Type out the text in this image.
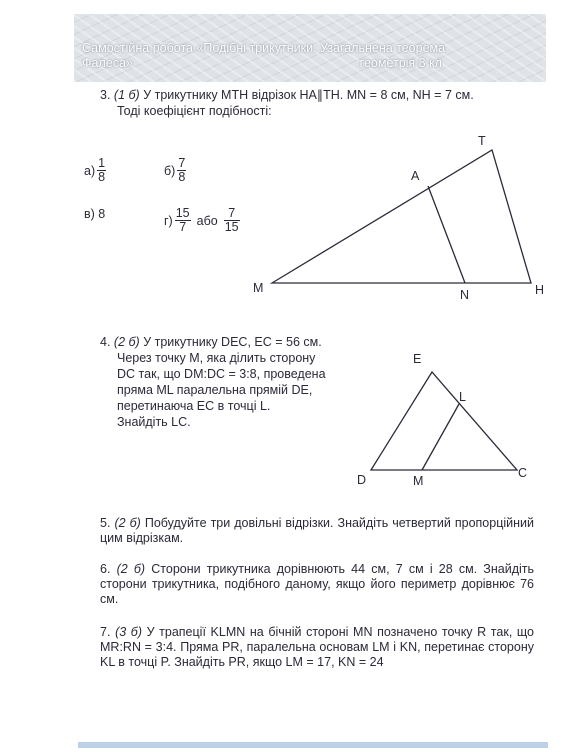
Самостійна робота «Подібні трикутники. Узагальнена теорема
Фалеса»	геометрія 8 кл
3. (1 б) У трикутнику МТН відрізок НА∥ТН. MN = 8 см, NH = 7 см.
Тоді коефіцієнт подібності:
$а) \frac{1}{8}$	$б) \frac{7}{8}$
в) 8	$г) \frac{15}{7}$ або $\frac{7}{15}$
T
A
M	N	H
E
L
D	M
C
4. (2 б) У трикутнику DEC, EC = 56 см.
Через точку М, яка ділить сторону
DC так, що DM:DC = 3:8, проведена
пряма ML паралельна прямій DE,
перетинаюча EC в точці L.
Знайдіть LC.
5. (2 б) Побудуйте три довільні відрізки. Знайдіть четвертий пропорційний цим відрізкам.
6. (2 б) Сторони трикутника дорівнюють 44 см, 7 см і 28 см. Знайдіть сторони трикутника, подібного даному, якщо його периметр дорівнює 76 см.
7. (3 б) У трапеції KLMN на бічній стороні MN позначено точку R так, що MR:RN = 3:4. Пряма PR, паралельна основам LM і KN, перетинає сторону KL в точці P. Знайдіть PR, якщо LM = 17, KN = 24
